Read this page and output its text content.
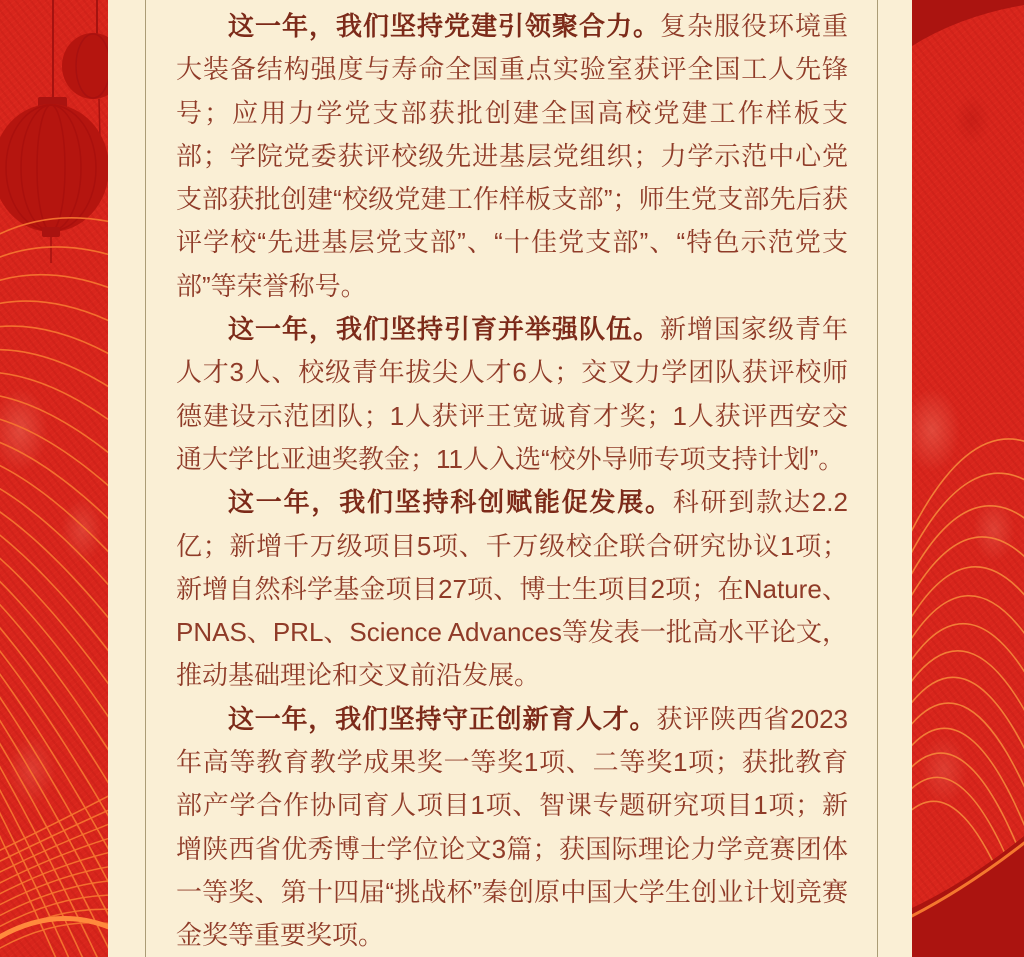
这一年，我们坚持党建引领聚合力。复杂服役环境重大装备结构强度与寿命全国重点实验室获评全国工人先锋号；应用力学党支部获批创建全国高校党建工作样板支部；学院党委获评校级先进基层党组织；力学示范中心党支部获批创建“校级党建工作样板支部”；师生党支部先后获评学校“先进基层党支部”、“十佳党支部”、“特色示范党支部”等荣誉称号。

这一年，我们坚持引育并举强队伍。新增国家级青年人才3人、校级青年拔尖人才6人；交叉力学团队获评校师德建设示范团队；1人获评王宽诚育才奖；1人获评西安交通大学比亚迪奖教金；11人入选“校外导师专项支持计划”。

这一年，我们坚持科创赋能促发展。科研到款达2.2亿；新增千万级项目5项、千万级校企联合研究协议1项；新增自然科学基金项目27项、博士生项目2项；在Nature、PNAS、PRL、Science Advances等发表一批高水平论文，推动基础理论和交叉前沿发展。

这一年，我们坚持守正创新育人才。获评陕西省2023年高等教育教学成果奖一等奖1项、二等奖1项；获批教育部产学合作协同育人项目1项、智课专题研究项目1项；新增陕西省优秀博士学位论文3篇；获国际理论力学竞赛团体一等奖、第十四届“挑战杯”秦创原中国大学生创业计划竞赛金奖等重要奖项。
